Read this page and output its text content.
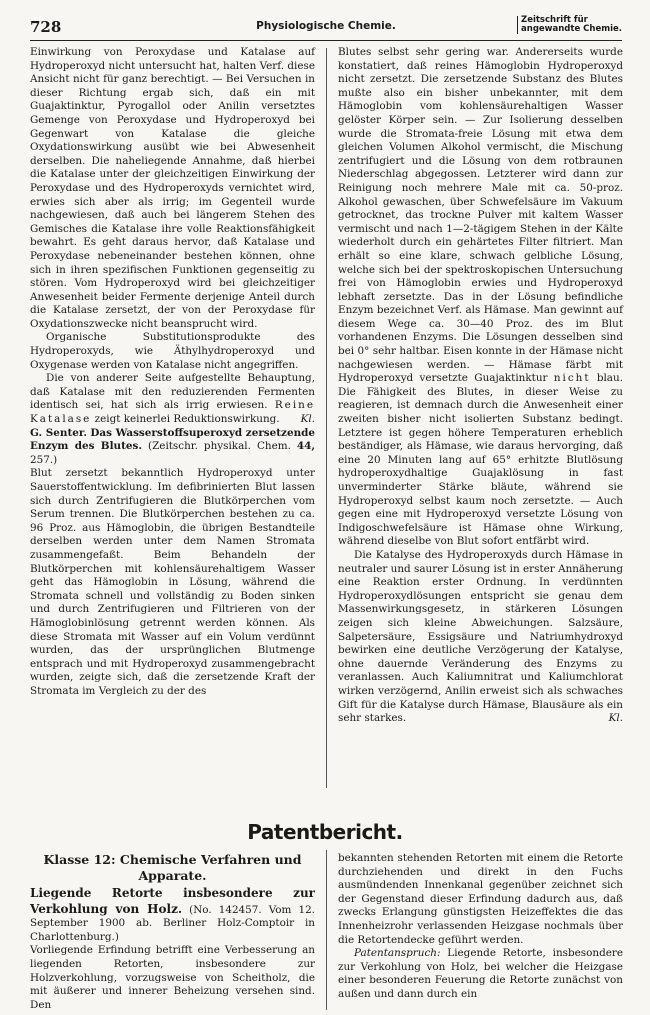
728	Physiologische Chemie.	Zeitschrift für
angewandte Chemie.

Einwirkung von Peroxydase und Katalase auf Hydroperoxyd nicht untersucht hat, halten Verf. diese Ansicht nicht für ganz berechtigt. — Bei Versuchen in dieser Richtung ergab sich, daß ein mit Guajaktinktur, Pyrogallol oder Anilin versetztes Gemenge von Peroxydase und Hydroperoxyd bei Gegenwart von Katalase die gleiche Oxydationswirkung ausübt wie bei Abwesenheit derselben. Die naheliegende Annahme, daß hierbei die Katalase unter der gleichzeitigen Einwirkung der Peroxydase und des Hydroperoxyds vernichtet wird, erwies sich aber als irrig; im Gegenteil wurde nachgewiesen, daß auch bei längerem Stehen des Gemisches die Katalase ihre volle Reaktionsfähigkeit bewahrt. Es geht daraus hervor, daß Katalase und Peroxydase nebeneinander bestehen können, ohne sich in ihren spezifischen Funktionen gegenseitig zu stören. Vom Hydroperoxyd wird bei gleichzeitiger Anwesenheit beider Fermente derjenige Anteil durch die Katalase zersetzt, der von der Peroxydase für Oxydationszwecke nicht beansprucht wird.

Organische Substitutionsprodukte des Hydroperoxyds, wie Äthylhydroperoxyd und Oxygenase werden von Katalase nicht angegriffen.

Die von anderer Seite aufgestellte Behauptung, daß Katalase mit den reduzierenden Fermenten identisch sei, hat sich als irrig erwiesen. Reine Katalase zeigt keinerlei Reduktionswirkung.	Kl.

G. Senter. Das Wasserstoffsuperoxyd zersetzende Enzym des Blutes. (Zeitschr. physikal. Chem. 44, 257.)

Blut zersetzt bekanntlich Hydroperoxyd unter Sauerstoffentwicklung. Im defibrinierten Blut lassen sich durch Zentrifugieren die Blutkörperchen vom Serum trennen. Die Blutkörperchen bestehen zu ca. 96 Proz. aus Hämoglobin, die übrigen Bestandteile derselben werden unter dem Namen Stromata zusammengefaßt. Beim Behandeln der Blutkörperchen mit kohlensäurehaltigem Wasser geht das Hämoglobin in Lösung, während die Stromata schnell und vollständig zu Boden sinken und durch Zentrifugieren und Filtrieren von der Hämoglobinlösung getrennt werden können. Als diese Stromata mit Wasser auf ein Volum verdünnt wurden, das der ursprünglichen Blutmenge entsprach und mit Hydroperoxyd zusammengebracht wurden, zeigte sich, daß die zersetzende Kraft der Stromata im Vergleich zu der des

Blutes selbst sehr gering war. Andererseits wurde konstatiert, daß reines Hämoglobin Hydroperoxyd nicht zersetzt. Die zersetzende Substanz des Blutes mußte also ein bisher unbekannter, mit dem Hämoglobin vom kohlensäurehaltigen Wasser gelöster Körper sein. — Zur Isolierung desselben wurde die Stromata-freie Lösung mit etwa dem gleichen Volumen Alkohol vermischt, die Mischung zentrifugiert und die Lösung von dem rotbraunen Niederschlag abgegossen. Letzterer wird dann zur Reinigung noch mehrere Male mit ca. 50-proz. Alkohol gewaschen, über Schwefelsäure im Vakuum getrocknet, das trockne Pulver mit kaltem Wasser vermischt und nach 1—2-tägigem Stehen in der Kälte wiederholt durch ein gehärtetes Filter filtriert. Man erhält so eine klare, schwach gelbliche Lösung, welche sich bei der spektroskopischen Untersuchung frei von Hämoglobin erwies und Hydroperoxyd lebhaft zersetzte. Das in der Lösung befindliche Enzym bezeichnet Verf. als Hämase. Man gewinnt auf diesem Wege ca. 30—40 Proz. des im Blut vorhandenen Enzyms. Die Lösungen desselben sind bei 0° sehr haltbar. Eisen konnte in der Hämase nicht nachgewiesen werden. — Hämase färbt mit Hydroperoxyd versetzte Guajaktinktur nicht blau. Die Fähigkeit des Blutes, in dieser Weise zu reagieren, ist demnach durch die Anwesenheit einer zweiten bisher nicht isolierten Substanz bedingt. Letztere ist gegen höhere Temperaturen erheblich beständiger, als Hämase, wie daraus hervorging, daß eine 20 Minuten lang auf 65° erhitzte Blutlösung hydroperoxydhaltige Guajaklösung in fast unverminderter Stärke bläute, während sie Hydroperoxyd selbst kaum noch zersetzte. — Auch gegen eine mit Hydroperoxyd versetzte Lösung von Indigoschwefelsäure ist Hämase ohne Wirkung, während dieselbe von Blut sofort entfärbt wird.

Die Katalyse des Hydroperoxyds durch Hämase in neutraler und saurer Lösung ist in erster Annäherung eine Reaktion erster Ordnung. In verdünnten Hydroperoxydlösungen entspricht sie genau dem Massenwirkungsgesetz, in stärkeren Lösungen zeigen sich kleine Abweichungen. Salzsäure, Salpetersäure, Essigsäure und Natriumhydroxyd bewirken eine deutliche Verzögerung der Katalyse, ohne dauernde Veränderung des Enzyms zu veranlassen. Auch Kaliumnitrat und Kaliumchlorat wirken verzögernd, Anilin erweist sich als schwaches Gift für die Katalyse durch Hämase, Blausäure als ein sehr starkes.	Kl.

Patentbericht.
Klasse 12: Chemische Verfahren und Apparate.

Liegende Retorte insbesondere zur Verkohlung von Holz. (No. 142457. Vom 12. September 1900 ab. Berliner Holz-Comptoir in Charlottenburg.)

Vorliegende Erfindung betrifft eine Verbesserung an liegenden Retorten, insbesondere zur Holzverkohlung, vorzugsweise von Scheitholz, die mit äußerer und innerer Beheizung versehen sind. Den

bekannten stehenden Retorten mit einem die Retorte durchziehenden und direkt in den Fuchs ausmündenden Innenkanal gegenüber zeichnet sich der Gegenstand dieser Erfindung dadurch aus, daß zwecks Erlangung günstigsten Heizeffektes die das Innenheizrohr verlassenden Heizgase nochmals über die Retortendecke geführt werden.

Patentanspruch: Liegende Retorte, insbesondere zur Verkohlung von Holz, bei welcher die Heizgase einer besonderen Feuerung die Retorte zunächst von außen und dann durch ein
